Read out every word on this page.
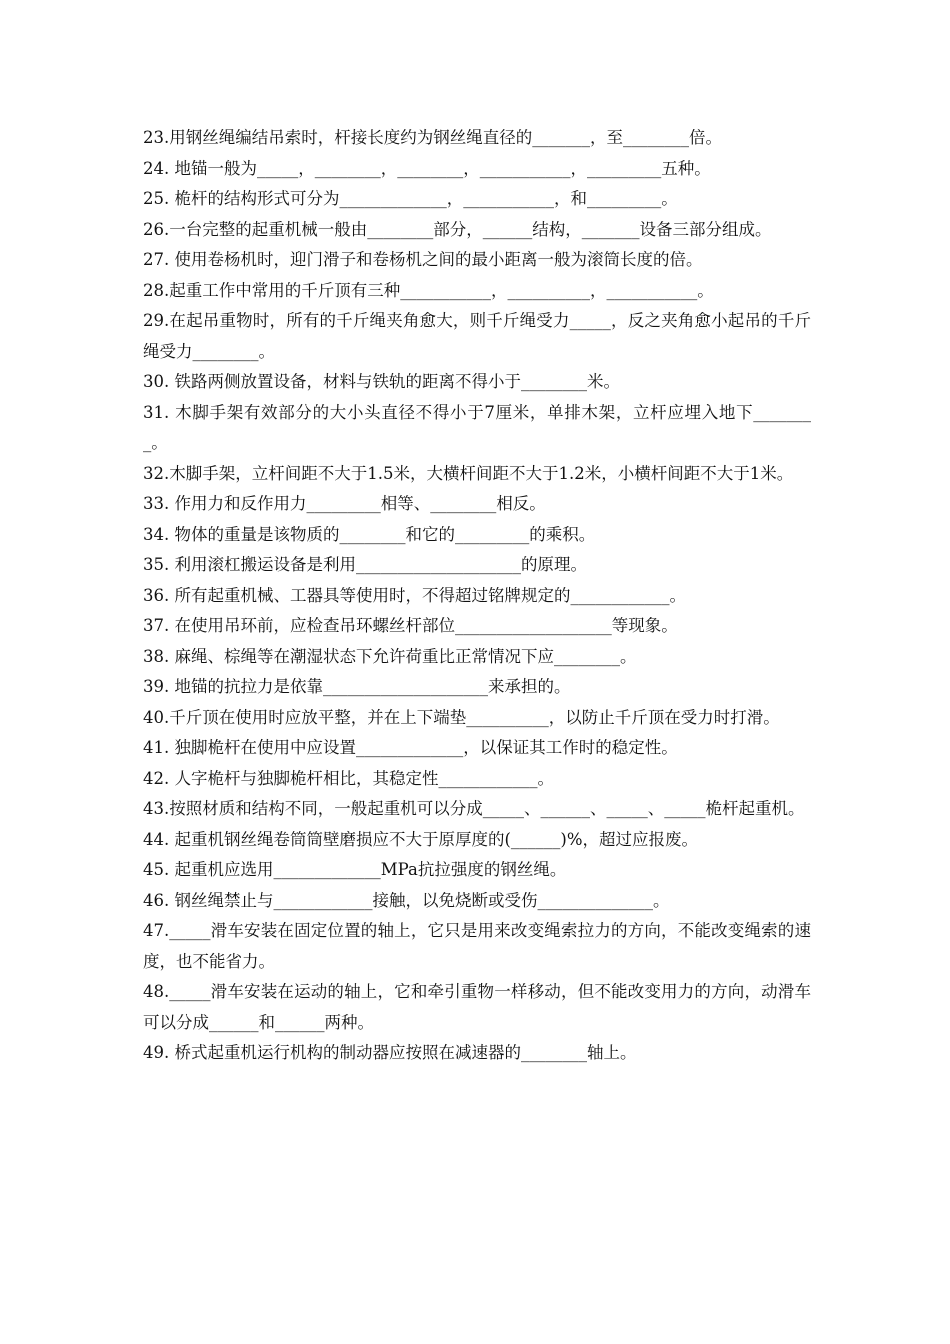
23.用钢丝绳编结吊索时，杆接长度约为钢丝绳直径的_______，至________倍。

24. 地锚一般为_____，________，________，___________，_________五种。

25. 桅杆的结构形式可分为_____________，___________，和_________。

26.一台完整的起重机械一般由________部分，______结构，_______设备三部分组成。

27. 使用卷杨机时，迎门滑子和卷杨机之间的最小距离一般为滚筒长度的倍。

28.起重工作中常用的千斤顶有三种___________，__________，___________。

29.在起吊重物时，所有的千斤绳夹角愈大，则千斤绳受力_____，反之夹角愈小起吊的千斤绳受力________。

30. 铁路两侧放置设备，材料与铁轨的距离不得小于________米。

31. 木脚手架有效部分的大小头直径不得小于7厘米，单排木架，立杆应埋入地下________。

32.木脚手架，立杆间距不大于1.5米，大横杆间距不大于1.2米，小横杆间距不大于1米。

33. 作用力和反作用力_________相等、________相反。

34. 物体的重量是该物质的________和它的_________的乘积。

35. 利用滚杠搬运设备是利用____________________的原理。

36. 所有起重机械、工器具等使用时，不得超过铭牌规定的____________。

37. 在使用吊环前，应检查吊环螺丝杆部位___________________等现象。

38. 麻绳、棕绳等在潮湿状态下允许荷重比正常情况下应________。

39. 地锚的抗拉力是依靠____________________来承担的。

40.千斤顶在使用时应放平整，并在上下端垫__________，以防止千斤顶在受力时打滑。

41. 独脚桅杆在使用中应设置_____________，以保证其工作时的稳定性。

42. 人字桅杆与独脚桅杆相比，其稳定性____________。

43.按照材质和结构不同，一般起重机可以分成_____、______、_____、_____桅杆起重机。

44. 起重机钢丝绳卷筒筒壁磨损应不大于原厚度的(______)%，超过应报废。

45. 起重机应选用_____________MPa抗拉强度的钢丝绳。

46. 钢丝绳禁止与____________接触，以免烧断或受伤______________。

47._____滑车安装在固定位置的轴上，它只是用来改变绳索拉力的方向，不能改变绳索的速度，也不能省力。

48._____滑车安装在运动的轴上，它和牵引重物一样移动，但不能改变用力的方向，动滑车可以分成______和______两种。

49. 桥式起重机运行机构的制动器应按照在减速器的________轴上。
